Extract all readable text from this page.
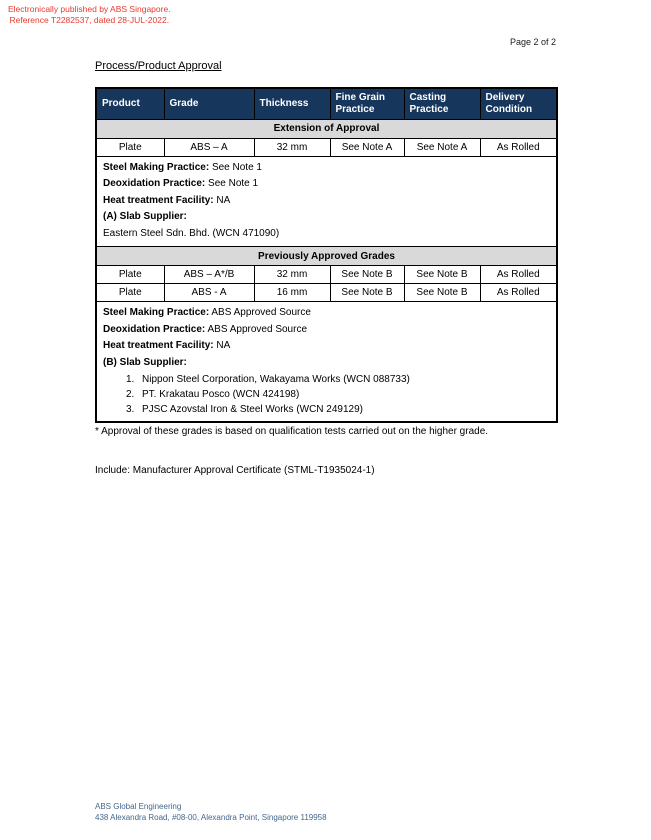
Electronically published by ABS Singapore.
Reference T2282537, dated 28-JUL-2022.
Page 2 of 2
Process/Product Approval
Product	Grade	Thickness	Fine Grain Practice	Casting Practice	Delivery Condition
Extension of Approval					
Plate	ABS – A	32 mm	See Note A	See Note A	As Rolled

Steel Making Practice: See Note 1
Deoxidation Practice: See Note 1
Heat treatment Facility: NA
(A) Slab Supplier:
Eastern Steel Sdn. Bhd. (WCN 471090)					

Previously Approved Grades					
Plate	ABS – A*/B	32 mm	See Note B	See Note B	As Rolled
Plate	ABS - A	16 mm	See Note B	See Note B	As Rolled

Steel Making Practice: ABS Approved Source
Deoxidation Practice: ABS Approved Source
Heat treatment Facility: NA
(B) Slab Supplier:
1. Nippon Steel Corporation, Wakayama Works (WCN 088733)
2. PT. Krakatau Posco (WCN 424198)
3. PJSC Azovstal Iron & Steel Works (WCN 249129)
* Approval of these grades is based on qualification tests carried out on the higher grade.
Include: Manufacturer Approval Certificate (STML-T1935024-1)
ABS Global Engineering
438 Alexandra Road, #08-00, Alexandra Point, Singapore 119958
